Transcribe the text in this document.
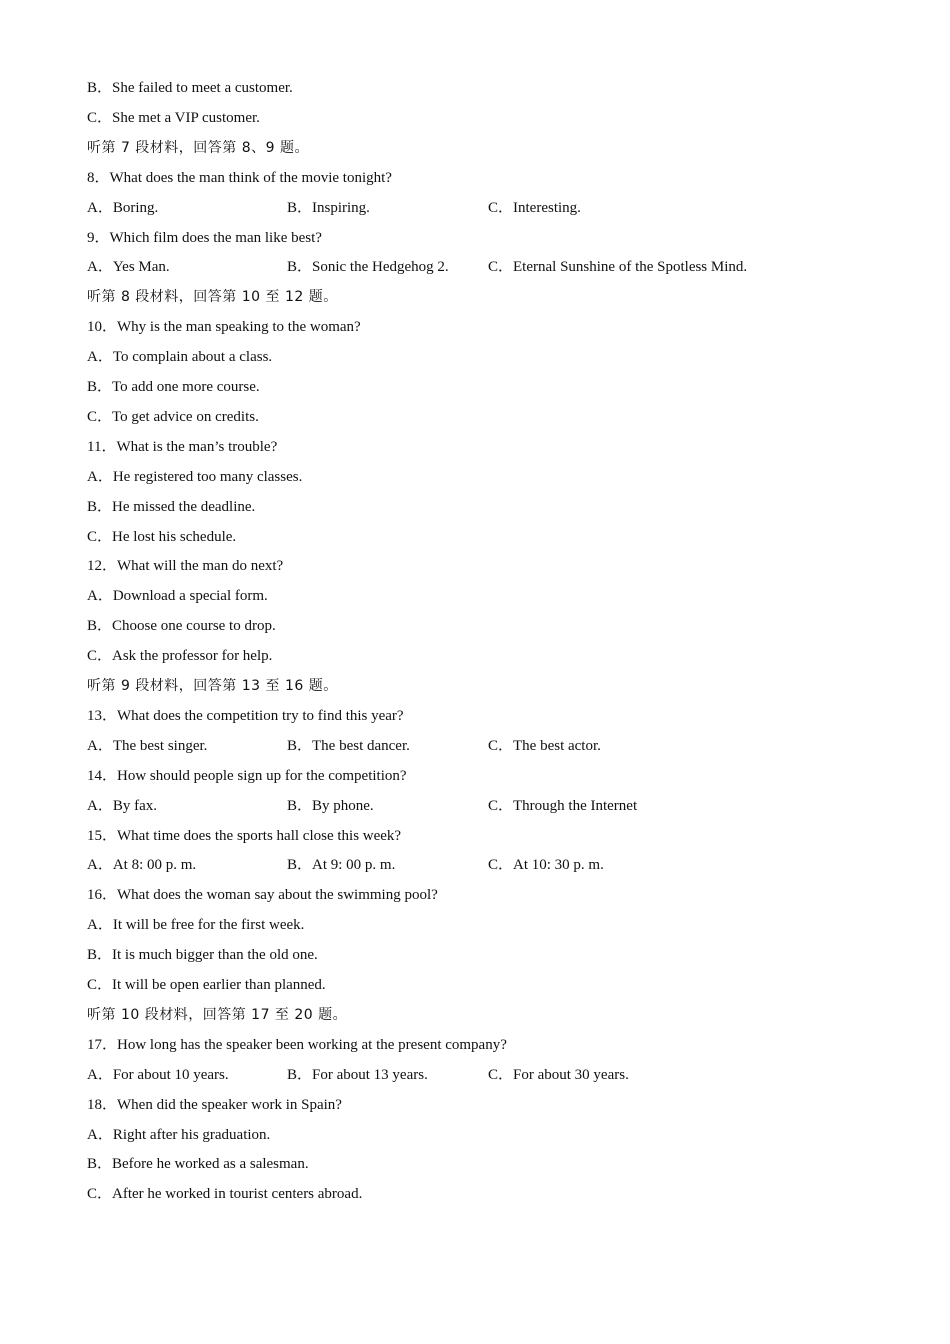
B．She failed to meet a customer.
C．She met a VIP customer.
听第 7 段材料，回答第 8、9 题。
8．What does the man think of the movie tonight?
A．Boring.	B．Inspiring.	C．Interesting.
9．Which film does the man like best?
A．Yes Man.	B．Sonic the Hedgehog 2.	C．Eternal Sunshine of the Spotless Mind.
听第 8 段材料，回答第 10 至 12 题。
10．Why is the man speaking to the woman?
A．To complain about a class.
B．To add one more course.
C．To get advice on credits.
11．What is the man’s trouble?
A．He registered too many classes.
B．He missed the deadline.
C．He lost his schedule.
12．What will the man do next?
A．Download a special form.
B．Choose one course to drop.
C．Ask the professor for help.
听第 9 段材料，回答第 13 至 16 题。
13．What does the competition try to find this year?
A．The best singer.	B．The best dancer.	C．The best actor.
14．How should people sign up for the competition?
A．By fax.	B．By phone.	C．Through the Internet
15．What time does the sports hall close this week?
A．At 8: 00 p. m.	B．At 9: 00 p. m.	C．At 10: 30 p. m.
16．What does the woman say about the swimming pool?
A．It will be free for the first week.
B．It is much bigger than the old one.
C．It will be open earlier than planned.
听第 10 段材料，回答第 17 至 20 题。
17．How long has the speaker been working at the present company?
A．For about 10 years.	B．For about 13 years.	C．For about 30 years.
18．When did the speaker work in Spain?
A．Right after his graduation.
B．Before he worked as a salesman.
C．After he worked in tourist centers abroad.
